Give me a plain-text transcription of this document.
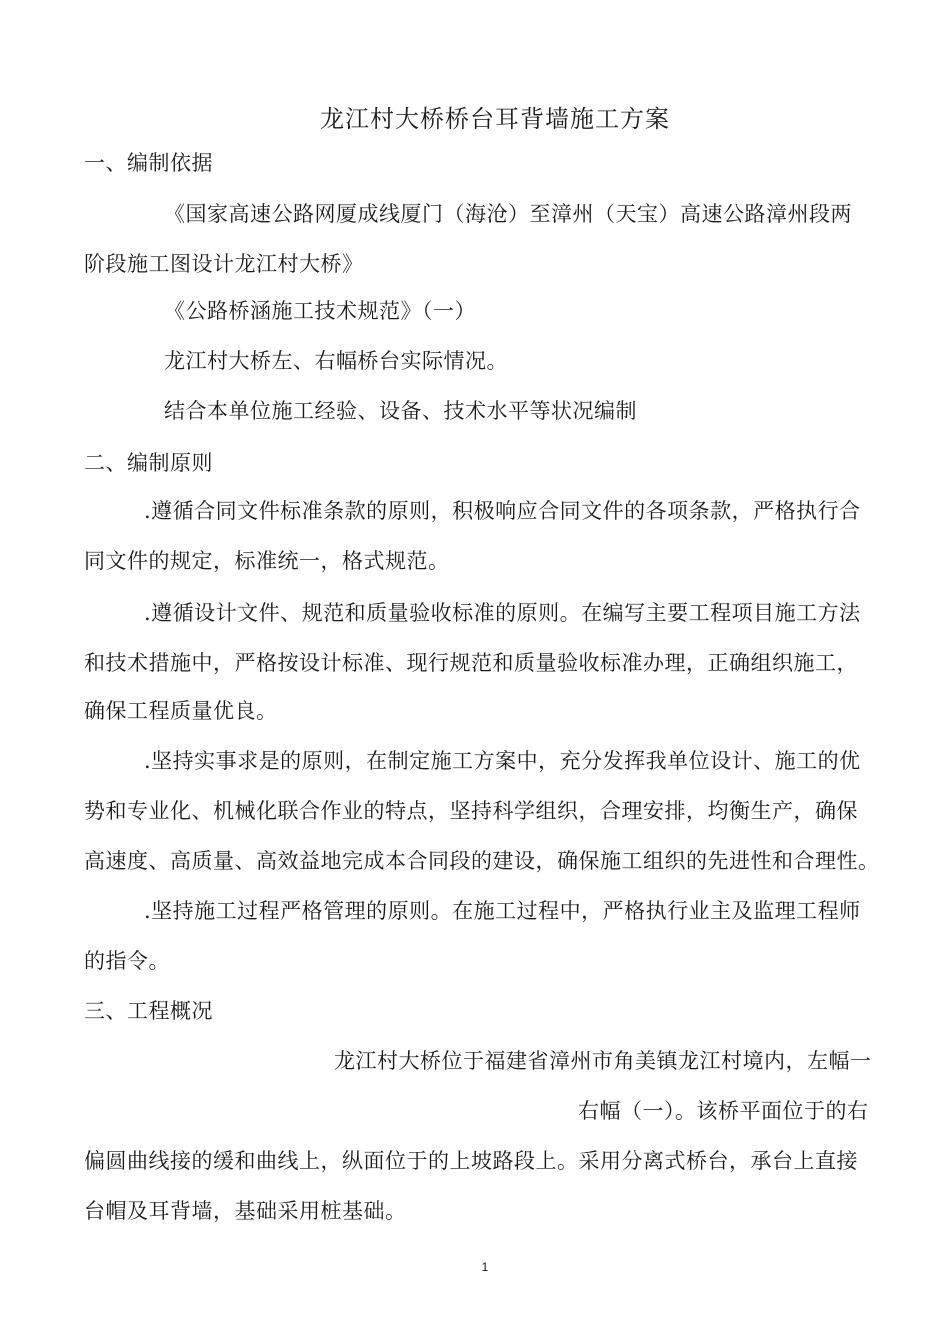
龙江村大桥桥台耳背墙施工方案
一、编制依据
《国家高速公路网厦成线厦门（海沧）至漳州（天宝）高速公路漳州段两
阶段施工图设计龙江村大桥》
《公路桥涵施工技术规范》（一）
龙江村大桥左、右幅桥台实际情况。
结合本单位施工经验、设备、技术水平等状况编制
二、编制原则
.遵循合同文件标准条款的原则，积极响应合同文件的各项条款，严格执行合
同文件的规定，标准统一，格式规范。
.遵循设计文件、规范和质量验收标准的原则。在编写主要工程项目施工方法
和技术措施中，严格按设计标准、现行规范和质量验收标准办理，正确组织施工，
确保工程质量优良。
.坚持实事求是的原则，在制定施工方案中，充分发挥我单位设计、施工的优
势和专业化、机械化联合作业的特点，坚持科学组织，合理安排，均衡生产，确保
高速度、高质量、高效益地完成本合同段的建设，确保施工组织的先进性和合理性。
.坚持施工过程严格管理的原则。在施工过程中，严格执行业主及监理工程师
的指令。
三、工程概况
龙江村大桥位于福建省漳州市角美镇龙江村境内，左幅一
右幅（一）。该桥平面位于的右
偏圆曲线接的缓和曲线上，纵面位于的上坡路段上。采用分离式桥台，承台上直接
台帽及耳背墙，基础采用桩基础。
1
